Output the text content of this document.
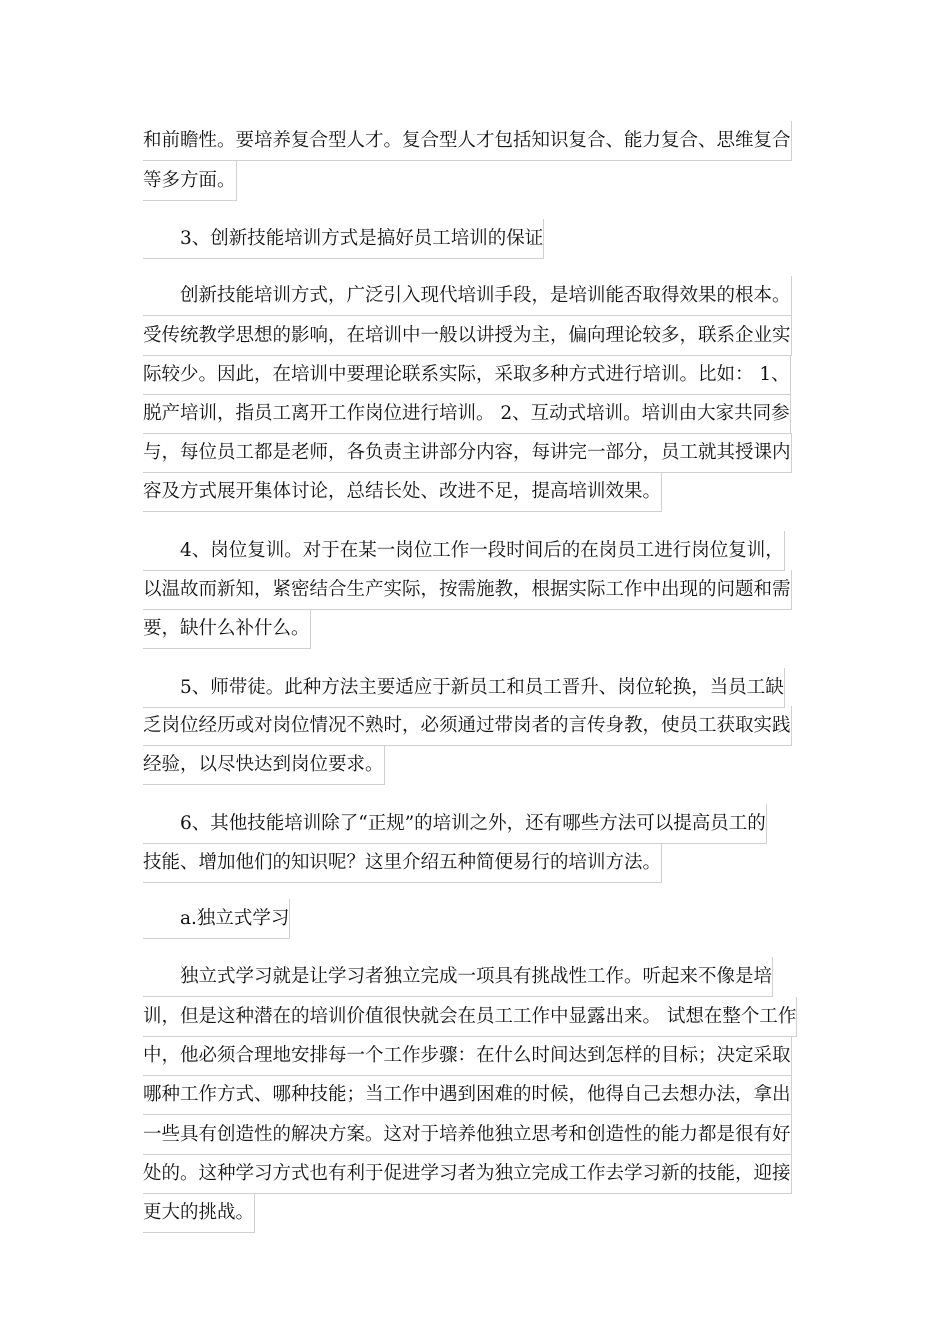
和前瞻性。要培养复合型人才。复合型人才包括知识复合、能力复合、思维复合
等多方面。
3、创新技能培训方式是搞好员工培训的保证
创新技能培训方式，广泛引入现代培训手段，是培训能否取得效果的根本。
受传统教学思想的影响，在培训中一般以讲授为主，偏向理论较多，联系企业实
际较少。因此，在培训中要理论联系实际，采取多种方式进行培训。比如： 1、
脱产培训，指员工离开工作岗位进行培训。 2、互动式培训。培训由大家共同参
与，每位员工都是老师，各负责主讲部分内容，每讲完一部分，员工就其授课内
容及方式展开集体讨论，总结长处、改进不足，提高培训效果。
4、岗位复训。对于在某一岗位工作一段时间后的在岗员工进行岗位复训，
以温故而新知，紧密结合生产实际，按需施教，根据实际工作中出现的问题和需
要，缺什么补什么。
5、师带徒。此种方法主要适应于新员工和员工晋升、岗位轮换，当员工缺
乏岗位经历或对岗位情况不熟时，必须通过带岗者的言传身教，使员工获取实践
经验，以尽快达到岗位要求。
6、其他技能培训除了“正规”的培训之外，还有哪些方法可以提高员工的
技能、增加他们的知识呢？这里介绍五种简便易行的培训方法。
a.独立式学习
独立式学习就是让学习者独立完成一项具有挑战性工作。听起来不像是培
训，但是这种潜在的培训价值很快就会在员工工作中显露出来。 试想在整个工作
中，他必须合理地安排每一个工作步骤：在什么时间达到怎样的目标；决定采取
哪种工作方式、哪种技能；当工作中遇到困难的时候，他得自己去想办法，拿出
一些具有创造性的解决方案。这对于培养他独立思考和创造性的能力都是很有好
处的。这种学习方式也有利于促进学习者为独立完成工作去学习新的技能，迎接
更大的挑战。
